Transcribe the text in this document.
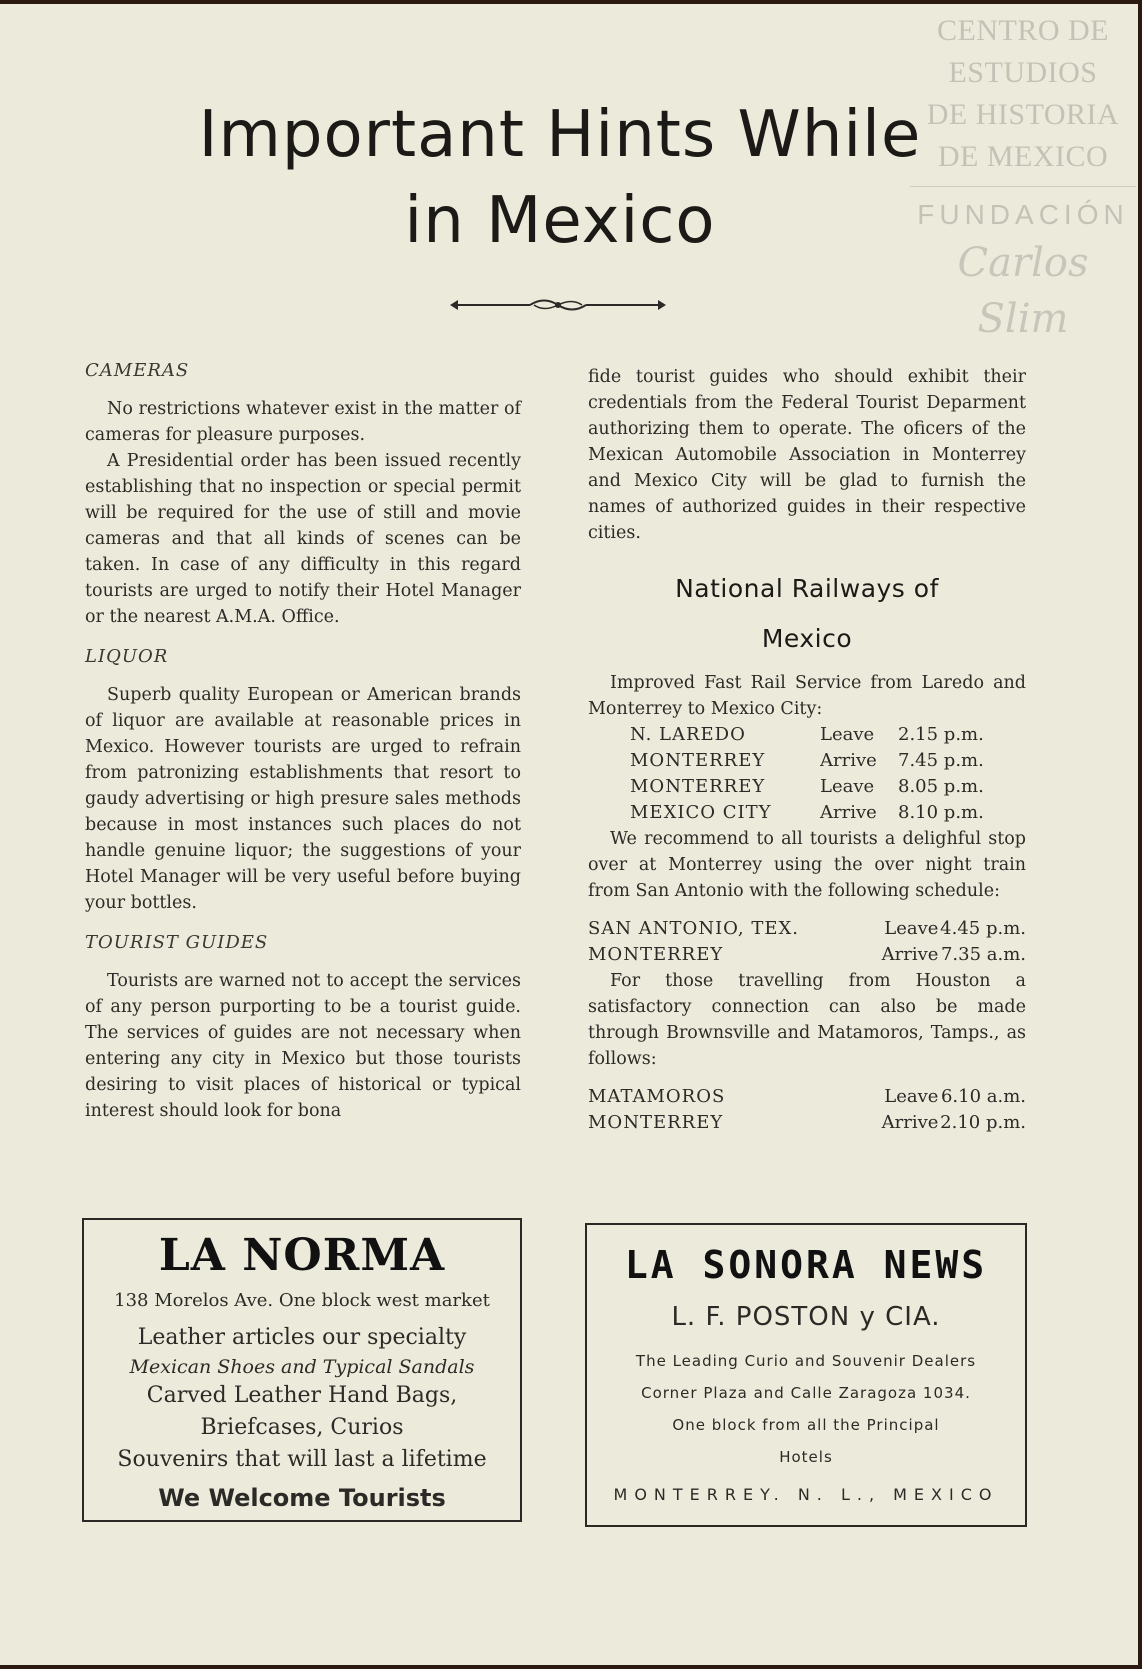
CENTRO DE
ESTUDIOS
DE HISTORIA
DE MEXICO
FUNDACIÓN
Carlos Slim
Important Hints While
in Mexico
CAMERAS

No restrictions whatever exist in the matter of cameras for pleasure purposes.

A Presidential order has been issued recently establishing that no inspection or special permit will be required for the use of still and movie cameras and that all kinds of scenes can be taken. In case of any difficulty in this regard tourists are urged to notify their Hotel Manager or the nearest A.M.A. Office.

LIQUOR

Superb quality European or American brands of liquor are available at reasonable prices in Mexico. However tourists are urged to refrain from patronizing establishments that resort to gaudy advertising or high presure sales methods because in most instances such places do not handle genuine liquor; the suggestions of your Hotel Manager will be very useful before buying your bottles.

TOURIST GUIDES

Tourists are warned not to accept the services of any person purporting to be a tourist guide. The services of guides are not necessary when entering any city in Mexico but those tourists desiring to visit places of historical or typical interest should look for bona

fide tourist guides who should exhibit their credentials from the Federal Tourist Deparment authorizing them to operate. The oficers of the Mexican Automobile Association in Monterrey and Mexico City will be glad to furnish the names of authorized guides in their respective cities.

National Railways of
Mexico

Improved Fast Rail Service from Laredo and Monterrey to Mexico City:

N. LAREDO	Leave	2.15 p.m.
MONTERREY	Arrive	7.45 p.m.
MONTERREY	Leave	8.05 p.m.
MEXICO CITY	Arrive	8.10 p.m.

We recommend to all tourists a delighful stop over at Monterrey using the over night train from San Antonio with the following schedule:

SAN ANTONIO, TEX.	Leave 4.45 p.m.
MONTERREY	Arrive 7.35 a.m.

For those travelling from Houston a satisfactory connection can also be made through Brownsville and Matamoros, Tamps., as follows:

MATAMOROS	Leave 6.10 a.m.
MONTERREY	Arrive 2.10 p.m.
LA NORMA
138 Morelos Ave. One block west market
Leather articles our specialty
Mexican Shoes and Typical Sandals
Carved Leather Hand Bags,
Briefcases, Curios
Souvenirs that will last a lifetime
We Welcome Tourists
LA SONORA NEWS
L. F. POSTON y CIA.
The Leading Curio and Souvenir Dealers
Corner Plaza and Calle Zaragoza 1034.
One block from all the Principal
Hotels
MONTERREY. N. L., MEXICO
